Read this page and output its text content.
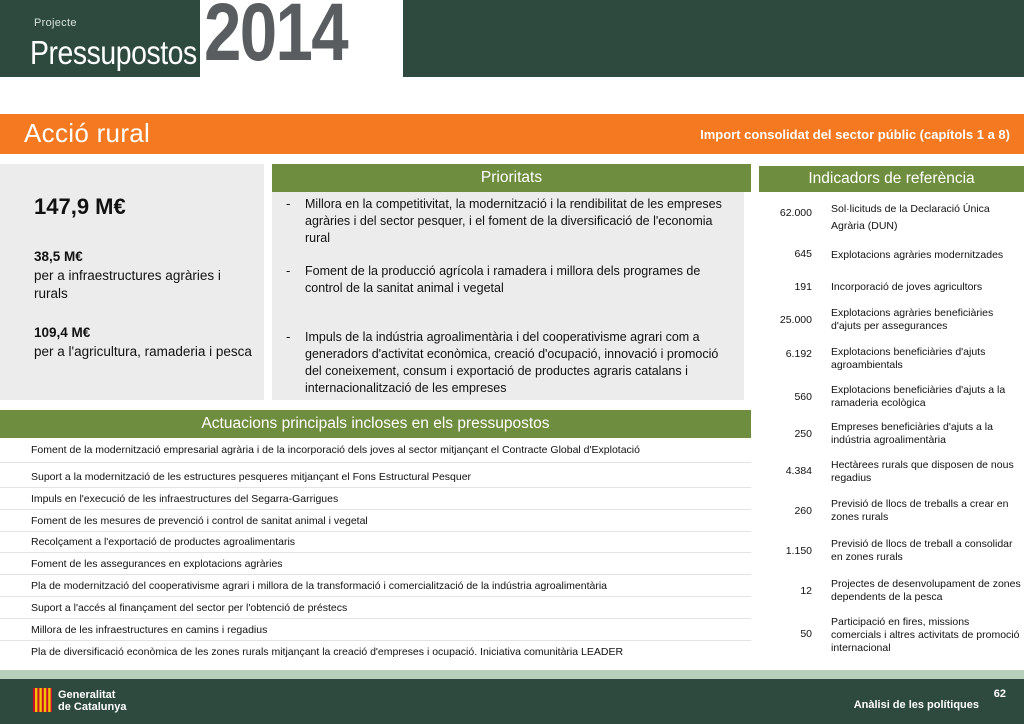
Projecte
Pressupostos 2014
Acció rural	Import consolidat del sector públic (capítols 1 a 8)
147,9 M€
38,5 M€
per a infraestructures agràries i rurals
109,4 M€
per a l'agricultura, ramaderia i pesca
Prioritats
- Millora en la competitivitat, la modernització i la rendibilitat de les empreses agràries i del sector pesquer, i el foment de la diversificació de l'economia rural
- Foment de la producció agrícola i ramadera i millora dels programes de control de la sanitat animal i vegetal
- Impuls de la indústria agroalimentària i del cooperativisme agrari com a generadors d'activitat econòmica, creació d'ocupació, innovació i promoció del coneixement, consum i exportació de productes agraris catalans i internacionalització de les empreses
Indicadors de referència
62.000 Sol·licituds de la Declaració Única Agrària (DUN)
645 Explotacions agràries modernitzades
191 Incorporació de joves agricultors
25.000
Explotacions agràries beneficiàries d'ajuts per assegurances
6.192 Explotacions beneficiàries d'ajuts agroambientals
560
Explotacions beneficiàries d'ajuts a la ramaderia ecològica
250
Empreses beneficiàries d'ajuts a la indústria agroalimentària
4.384 Hectàrees rurals que disposen de nous regadius
260
Previsió de llocs de treballs a crear en zones rurals
1.150
Previsió de llocs de treball a consolidar en zones rurals
12
Projectes de desenvolupament de zones dependents de la pesca
50
Participació en fires, missions comercials i altres activitats de promoció internacional
Actuacions principals incloses en els pressupostos
Foment de la modernització empresarial agrària i de la incorporació dels joves al sector mitjançant el Contracte Global d'Explotació
Suport a la modernització de les estructures pesqueres mitjançant el Fons Estructural Pesquer
Impuls en l'execució de les infraestructures del Segarra-Garrigues
Foment de les mesures de prevenció i control de sanitat animal i vegetal
Recolçament a l'exportació de productes agroalimentaris
Foment de les assegurances en explotacions agràries
Pla de modernització del cooperativisme agrari i millora de la transformació i comercialització de la indústria agroalimentària
Suport a l'accés al finançament del sector per l'obtenció de préstecs
Millora de les infraestructures en camins i regadius
Pla de diversificació econòmica de les zones rurals mitjançant la creació d'empreses i ocupació. Iniciativa comunitària LEADER
Generalitat
de Catalunya
62
Anàlisi de les polítiques
